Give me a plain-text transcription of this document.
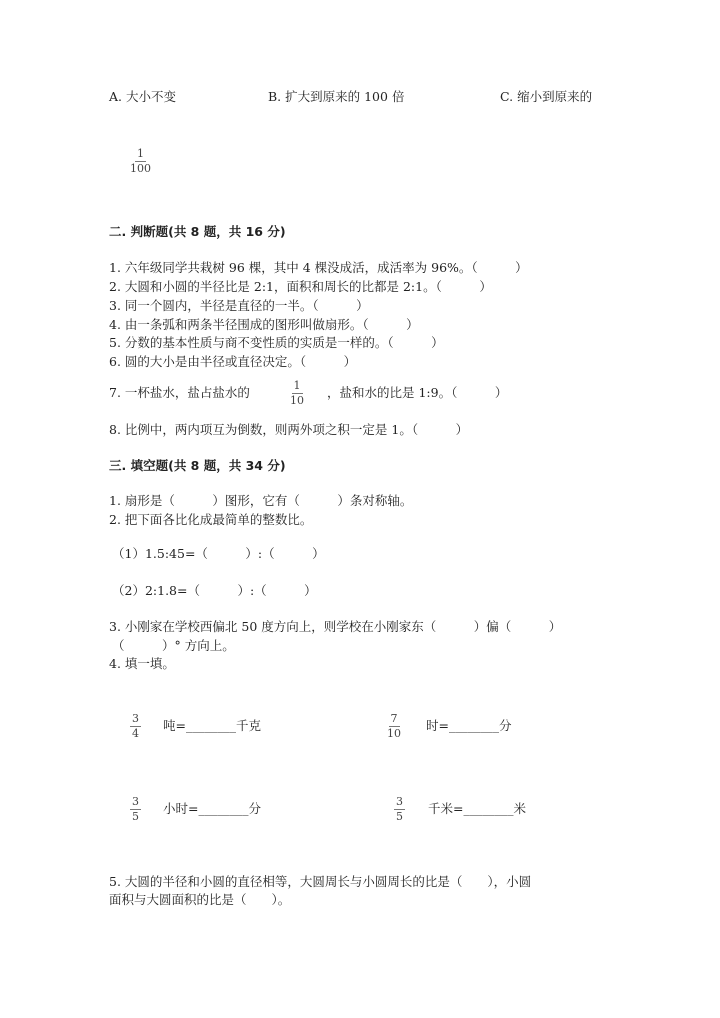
A. 大小不变	B. 扩大到原来的 100 倍	C. 缩小到原来的
$\frac{1}{100}$
二. 判断题(共 8 题，共 16 分)
1. 六年级同学共栽树 96 棵，其中 4 棵没成活，成活率为 96%。（　　　）
2. 大圆和小圆的半径比是 2:1，面积和周长的比都是 2:1。（　　　）
3. 同一个圆内，半径是直径的一半。（　　　）
4. 由一条弧和两条半径围成的图形叫做扇形。（　　　）
5. 分数的基本性质与商不变性质的实质是一样的。（　　　）
6. 圆的大小是由半径或直径决定。（　　　）
7. 一杯盐水，盐占盐水的	$\frac{1}{10}$ ，盐和水的比是 1:9。（　　　）
8. 比例中，两内项互为倒数，则两外项之积一定是 1。（　　　）
三. 填空题(共 8 题，共 34 分)
1. 扇形是（　　　）图形，它有（　　　）条对称轴。
2. 把下面各比化成最简单的整数比。
（1）1.5:45=（　　　）:（　　　）
（2）2:1.8=（　　　）:（　　　）
3. 小刚家在学校西偏北 50 度方向上，则学校在小刚家东（　　　）偏（　　　）
（　　　）° 方向上。
4. 填一填。
$\frac{3}{4}$ 吨=________千克	$\frac{7}{10}$ 时=________分
$\frac{3}{5}$ 小时=________分	$\frac{3}{5}$ 千米=________米
5. 大圆的半径和小圆的直径相等，大圆周长与小圆周长的比是（　　），小圆
面积与大圆面积的比是（　　）。
